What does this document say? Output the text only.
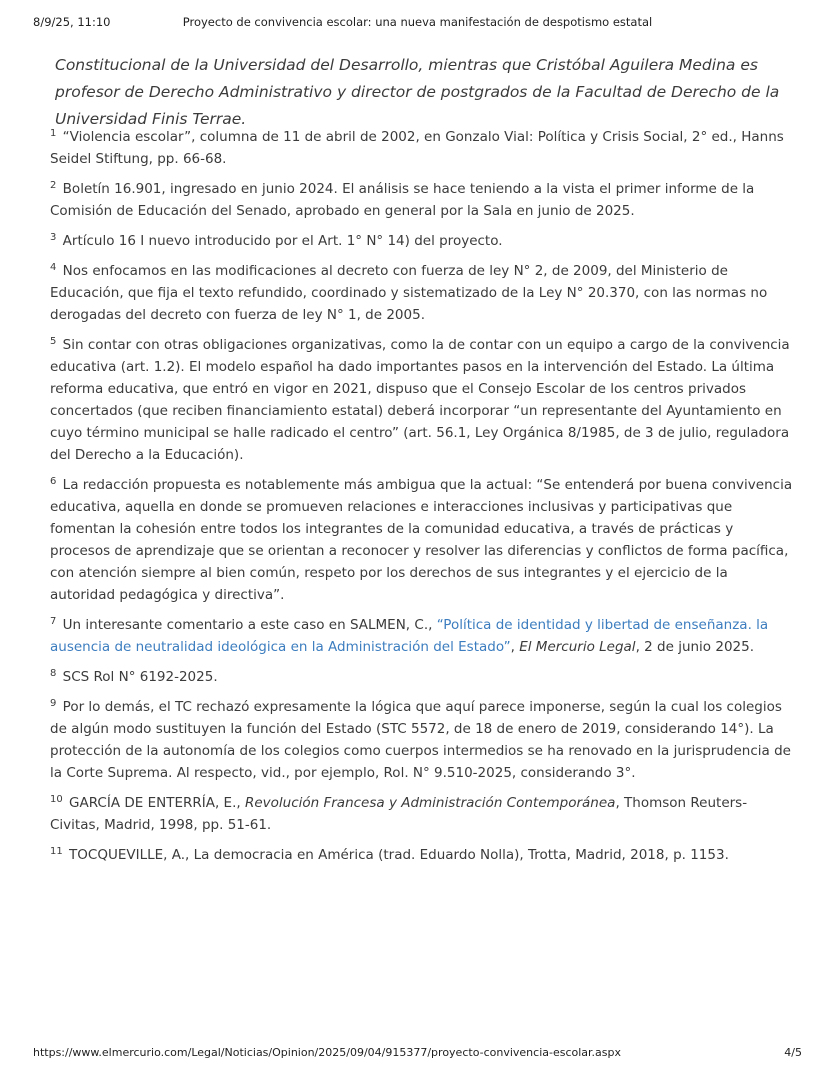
8/9/25, 11:10	Proyecto de convivencia escolar: una nueva manifestación de despotismo estatal

Constitucional de la Universidad del Desarrollo, mientras que Cristóbal Aguilera Medina es profesor de Derecho Administrativo y director de postgrados de la Facultad de Derecho de la Universidad Finis Terrae.

$^1$ “Violencia escolar”, columna de 11 de abril de 2002, en Gonzalo Vial: Política y Crisis Social, 2° ed., Hanns Seidel Stiftung, pp. 66-68.

$^2$ Boletín 16.901, ingresado en junio 2024. El análisis se hace teniendo a la vista el primer informe de la Comisión de Educación del Senado, aprobado en general por la Sala en junio de 2025.

$^3$ Artículo 16 I nuevo introducido por el Art. 1° N° 14) del proyecto.

$^4$ Nos enfocamos en las modificaciones al decreto con fuerza de ley N° 2, de 2009, del Ministerio de Educación, que fija el texto refundido, coordinado y sistematizado de la Ley N° 20.370, con las normas no derogadas del decreto con fuerza de ley N° 1, de 2005.

$^5$ Sin contar con otras obligaciones organizativas, como la de contar con un equipo a cargo de la convivencia educativa (art. 1.2). El modelo español ha dado importantes pasos en la intervención del Estado. La última reforma educativa, que entró en vigor en 2021, dispuso que el Consejo Escolar de los centros privados concertados (que reciben financiamiento estatal) deberá incorporar “un representante del Ayuntamiento en cuyo término municipal se halle radicado el centro” (art. 56.1, Ley Orgánica 8/1985, de 3 de julio, reguladora del Derecho a la Educación).

$^6$ La redacción propuesta es notablemente más ambigua que la actual: “Se entenderá por buena convivencia educativa, aquella en donde se promueven relaciones e interacciones inclusivas y participativas que fomentan la cohesión entre todos los integrantes de la comunidad educativa, a través de prácticas y procesos de aprendizaje que se orientan a reconocer y resolver las diferencias y conflictos de forma pacífica, con atención siempre al bien común, respeto por los derechos de sus integrantes y el ejercicio de la autoridad pedagógica y directiva”.

$^7$ Un interesante comentario a este caso en SALMEN, C., “Política de identidad y libertad de enseñanza. la ausencia de neutralidad ideológica en la Administración del Estado”, El Mercurio Legal, 2 de junio 2025.

$^8$ SCS Rol N° 6192-2025.

$^9$ Por lo demás, el TC rechazó expresamente la lógica que aquí parece imponerse, según la cual los colegios de algún modo sustituyen la función del Estado (STC 5572, de 18 de enero de 2019, considerando 14°). La protección de la autonomía de los colegios como cuerpos intermedios se ha renovado en la jurisprudencia de la Corte Suprema. Al respecto, vid., por ejemplo, Rol. N° 9.510-2025, considerando 3°.

$^{10}$ GARCÍA DE ENTERRÍA, E., Revolución Francesa y Administración Contemporánea, Thomson Reuters-Civitas, Madrid, 1998, pp. 51-61.

$^{11}$ TOCQUEVILLE, A., La democracia en América (trad. Eduardo Nolla), Trotta, Madrid, 2018, p. 1153.

https://www.elmercurio.com/Legal/Noticias/Opinion/2025/09/04/915377/proyecto-convivencia-escolar.aspx	4/5
